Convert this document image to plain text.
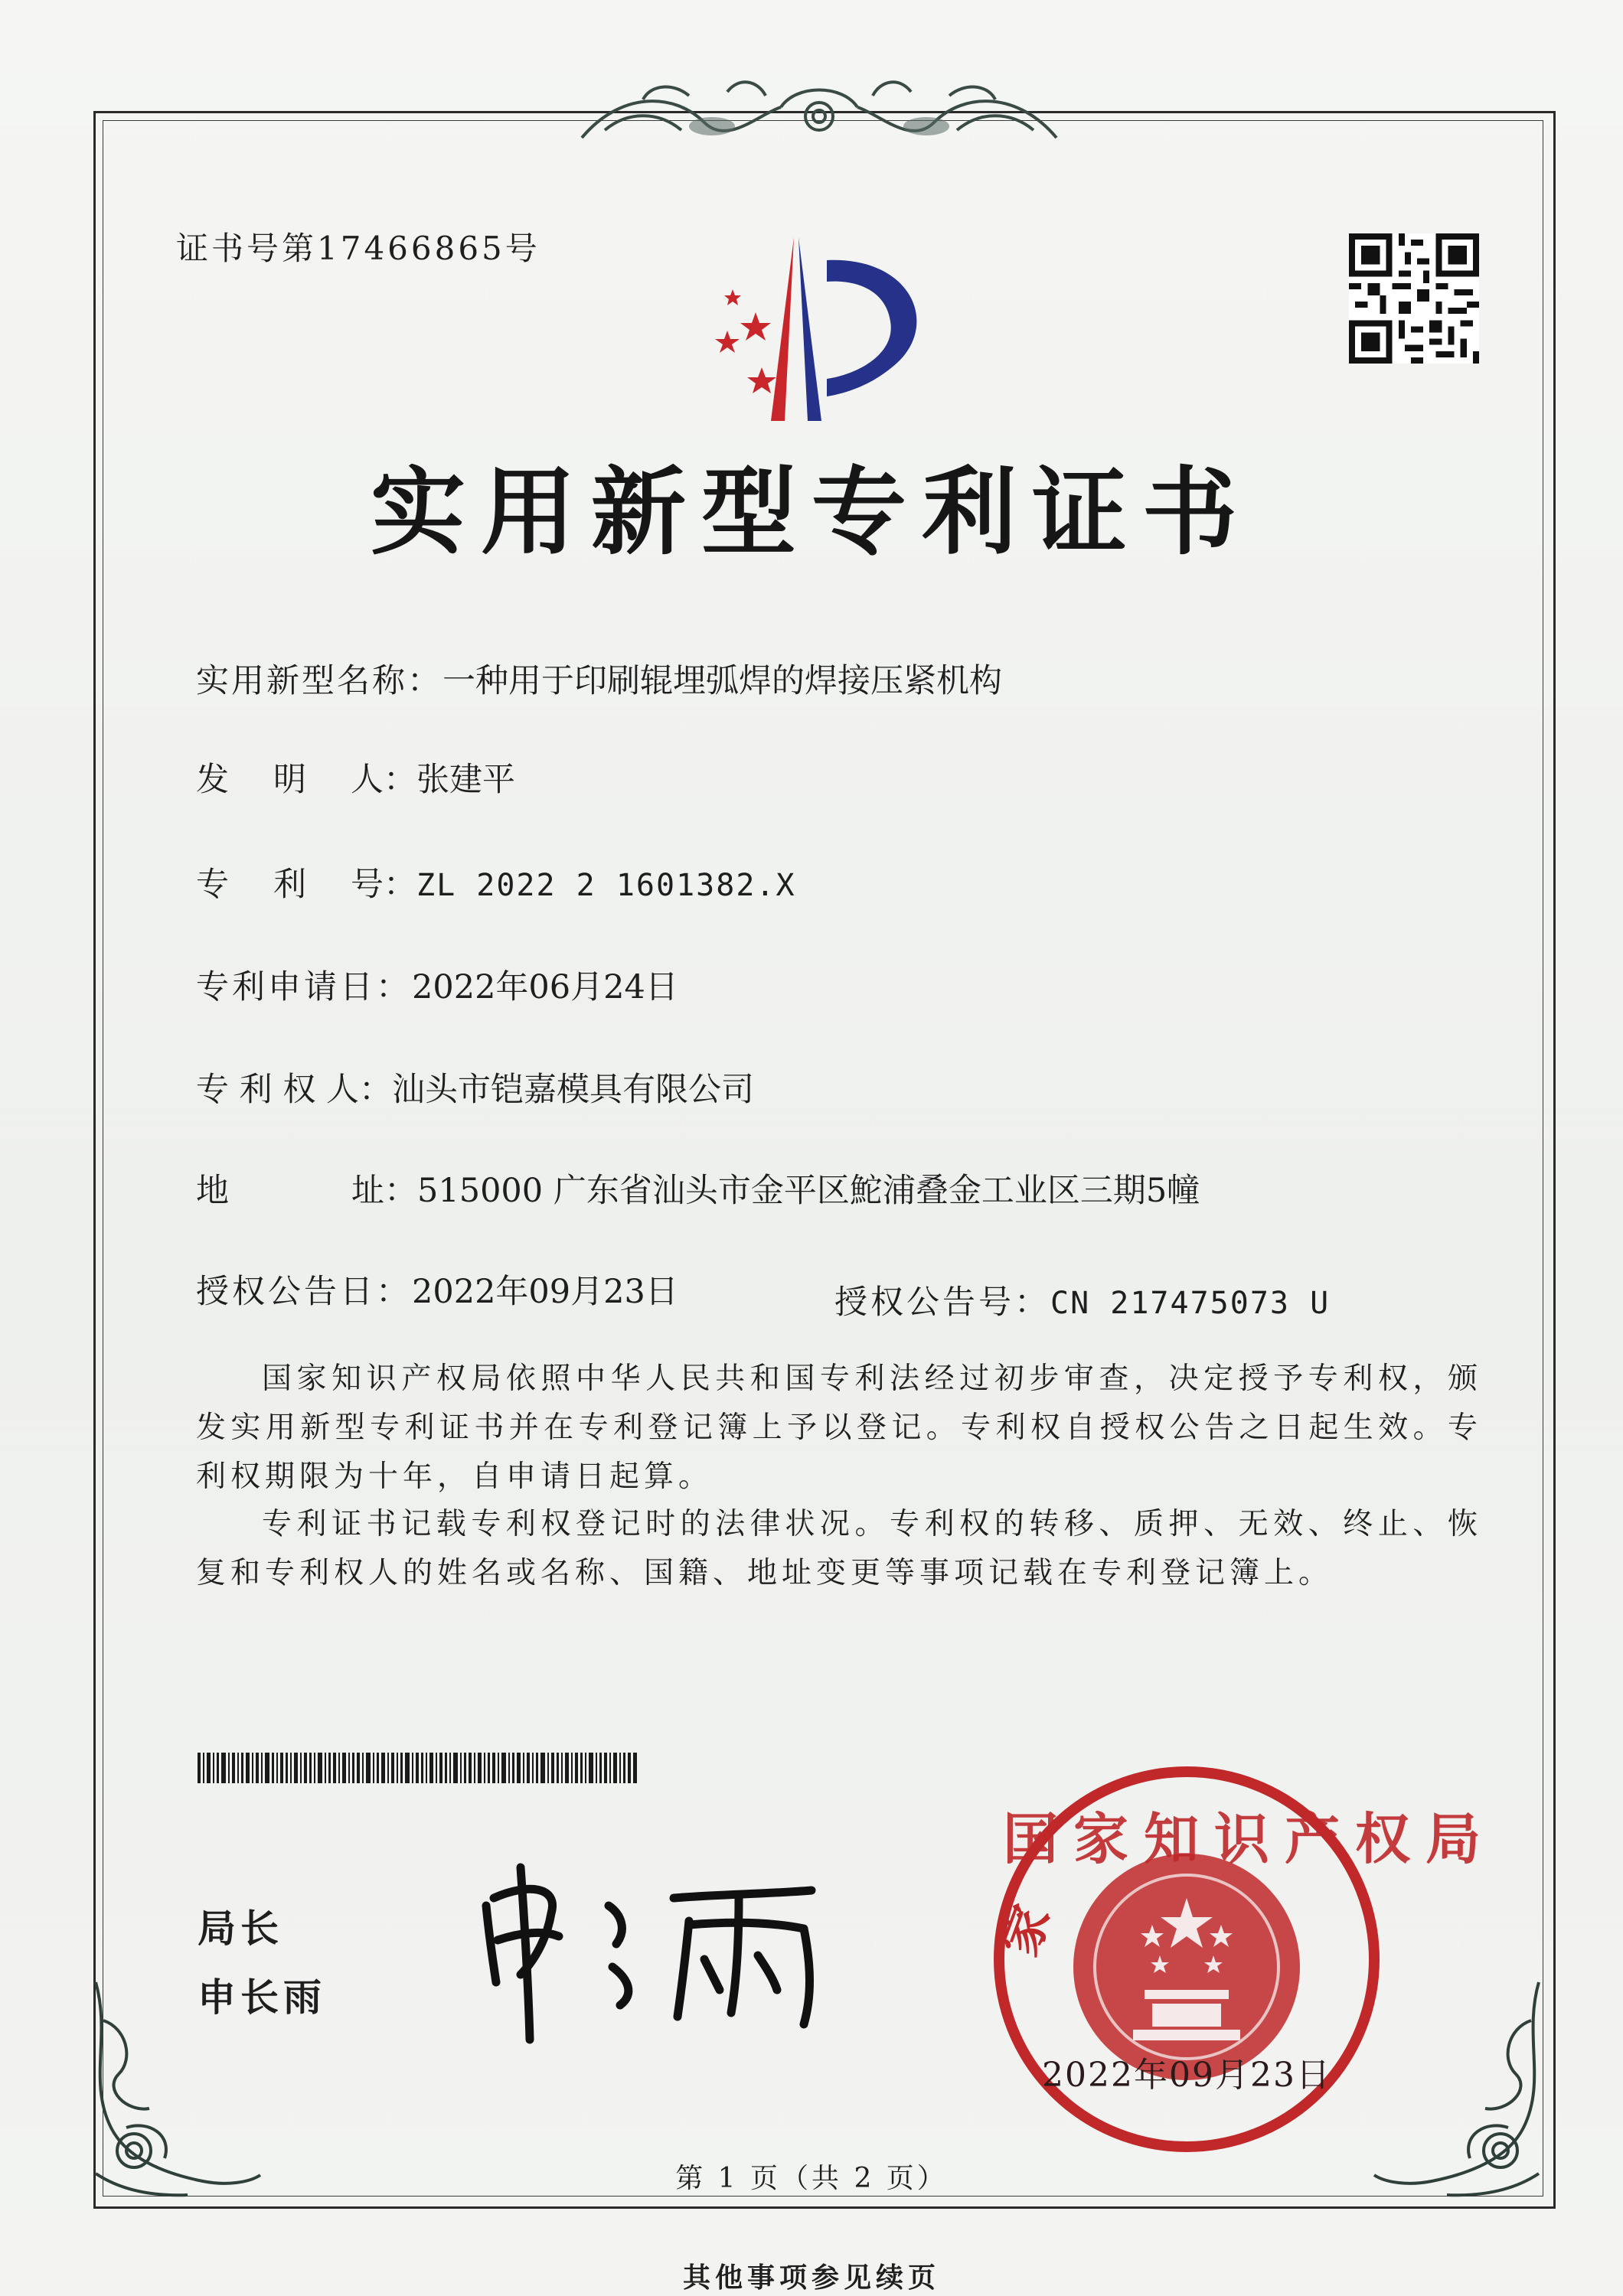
证书号第17466865号
实用新型专利证书
实用新型名称：一种用于印刷辊埋弧焊的焊接压紧机构
发 明 人：张建平
专 利 号：ZL 2022 2 1601382.X
专利申请日：2022年06月24日
专 利 权 人：汕头市铠嘉模具有限公司
地	址：515000 广东省汕头市金平区鮀浦叠金工业区三期5幢
授权公告日：2022年09月23日	授权公告号：CN 217475073 U
国家知识产权局依照中华人民共和国专利法经过初步审查，决定授予专利权，颁发实用新型专利证书并在专利登记簿上予以登记。专利权自授权公告之日起生效。专利权期限为十年，自申请日起算。
专利证书记载专利权登记时的法律状况。专利权的转移、质押、无效、终止、恢复和专利权人的姓名或名称、国籍、地址变更等事项记载在专利登记簿上。
局长
申长雨
家
国家知识产权局
2022年09月23日
第 1 页（共 2 页）
其他事项参见续页
